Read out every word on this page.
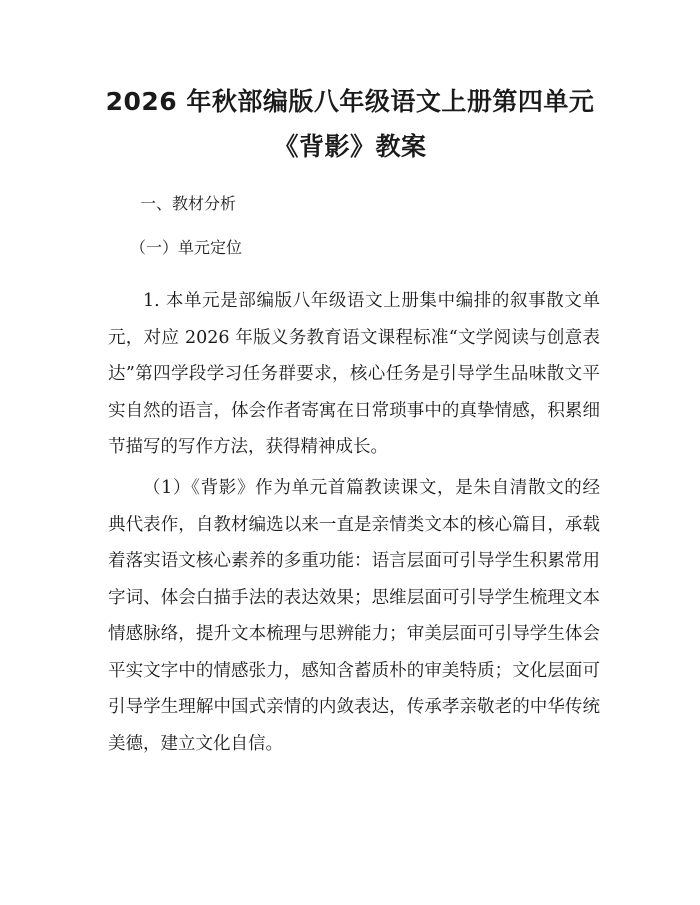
2026 年秋部编版八年级语文上册第四单元
《背影》教案

一、教材分析

（一）单元定位

1. 本单元是部编版八年级语文上册集中编排的叙事散文单元，对应 2026 年版义务教育语文课程标准“文学阅读与创意表达”第四学段学习任务群要求，核心任务是引导学生品味散文平实自然的语言，体会作者寄寓在日常琐事中的真挚情感，积累细节描写的写作方法，获得精神成长。

（1）《背影》作为单元首篇教读课文，是朱自清散文的经典代表作，自教材编选以来一直是亲情类文本的核心篇目，承载着落实语文核心素养的多重功能：语言层面可引导学生积累常用字词、体会白描手法的表达效果；思维层面可引导学生梳理文本情感脉络，提升文本梳理与思辨能力；审美层面可引导学生体会平实文字中的情感张力，感知含蓄质朴的审美特质；文化层面可引导学生理解中国式亲情的内敛表达，传承孝亲敬老的中华传统美德，建立文化自信。
